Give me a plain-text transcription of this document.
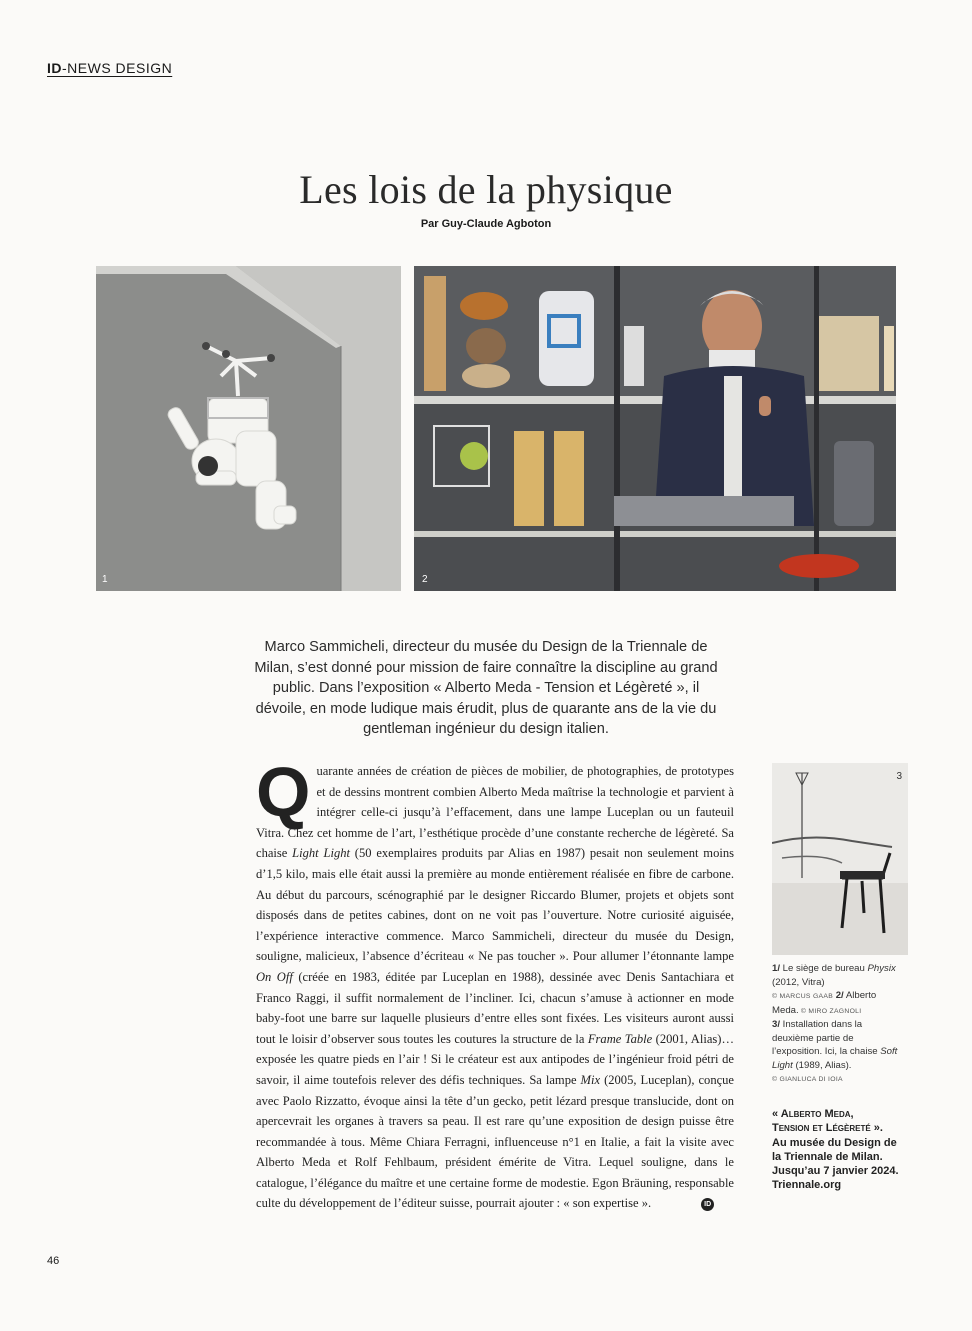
ID-NEWS DESIGN
Les lois de la physique
Par Guy-Claude Agboton
1	2
Marco Sammicheli, directeur du musée du Design de la Triennale de Milan, s’est donné pour mission de faire connaître la discipline au grand public. Dans l’exposition « Alberto Meda - Tension et Légèreté », il dévoile, en mode ludique mais érudit, plus de quarante ans de la vie du gentleman ingénieur du design italien.
Quarante années de création de pièces de mobilier, de photographies, de prototypes et de dessins montrent combien Alberto Meda maîtrise la technologie et parvient à intégrer celle-ci jusqu’à l’effacement, dans une lampe Luceplan ou un fauteuil Vitra. Chez cet homme de l’art, l’esthétique procède d’une constante recherche de légèreté. Sa chaise Light Light (50 exemplaires produits par Alias en 1987) pesait non seulement moins d’1,5 kilo, mais elle était aussi la première au monde entièrement réalisée en fibre de carbone. Au début du parcours, scénographié par le designer Riccardo Blumer, projets et objets sont disposés dans de petites cabines, dont on ne voit pas l’ouverture. Notre curiosité aiguisée, l’expérience interactive commence. Marco Sammicheli, directeur du musée du Design, souligne, malicieux, l’absence d’écriteau « Ne pas toucher ». Pour allumer l’étonnante lampe On Off (créée en 1983, éditée par Luceplan en 1988), dessinée avec Denis Santachiara et Franco Raggi, il suffit normalement de l’incliner. Ici, chacun s’amuse à actionner en mode baby-foot une barre sur laquelle plusieurs d’entre elles sont fixées. Les visiteurs auront aussi tout le loisir d’observer sous toutes les coutures la structure de la Frame Table (2001, Alias)… exposée les quatre pieds en l’air ! Si le créateur est aux antipodes de l’ingénieur froid pétri de savoir, il aime toutefois relever des défis techniques. Sa lampe Mix (2005, Luceplan), conçue avec Paolo Rizzatto, évoque ainsi la tête d’un gecko, petit lézard presque translucide, dont on apercevrait les organes à travers sa peau. Il est rare qu’une exposition de design puisse être recommandée à tous. Même Chiara Ferragni, influenceuse n°1 en Italie, a fait la visite avec Alberto Meda et Rolf Fehlbaum, président émérite de Vitra. Lequel souligne, dans le catalogue, l’élégance du maître et une certaine forme de modestie. Egon Bräuning, responsable culte du développement de l’éditeur suisse, pourrait ajouter : « son expertise ».	ID
3
1/ Le siège de bureau Physix (2012, Vitra)
© MARCUS GAAB 2/ Alberto Meda. © MIRO ZAGNOLI
3/ Installation dans la deuxième partie de l’exposition. Ici, la chaise Soft Light (1989, Alias).
© GIANLUCA DI IOIA
« Alberto Meda,
Tension et Légèreté ».
Au musée du Design de la Triennale de Milan. Jusqu’au 7 janvier 2024. Triennale.org
46
